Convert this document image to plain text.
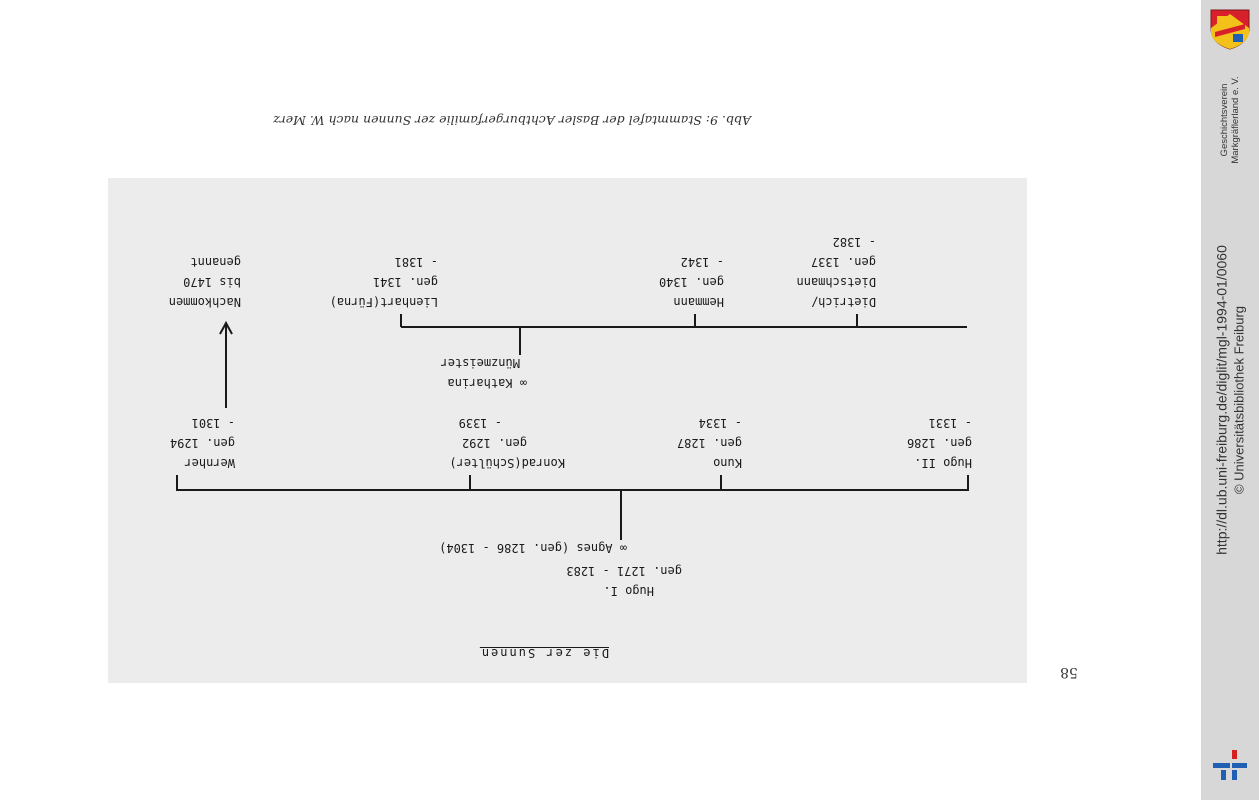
Abb. 9: Stammtafel der Basler Achtburgerfamilie zer Sunnen nach W. Merz
Die zer Sunnen
Hugo I.
gen. 1271 - 1283
∞ Agnes (gen. 1286 - 1304)
Hugo II.
gen. 1286
- 1331
Kuno
gen. 1287
- 1334
Konrad(Schülter)
gen. 1292
- 1339
∞ Katharina
Münzmeister
Wernher
gen. 1294
- 1301
Dietrich/
Dietschmann
gen. 1337
- 1382
Hemmann
gen. 1340
- 1342
Lienhart(Fürna)
gen. 1341
- 1381
Nachkommen
bis 1470
genannt
58
Geschichtsverein Markgräflerland e. V.
http://dl.ub.uni-freiburg.de/diglit/mgl-1994-01/0060 © Universitätsbibliothek Freiburg
